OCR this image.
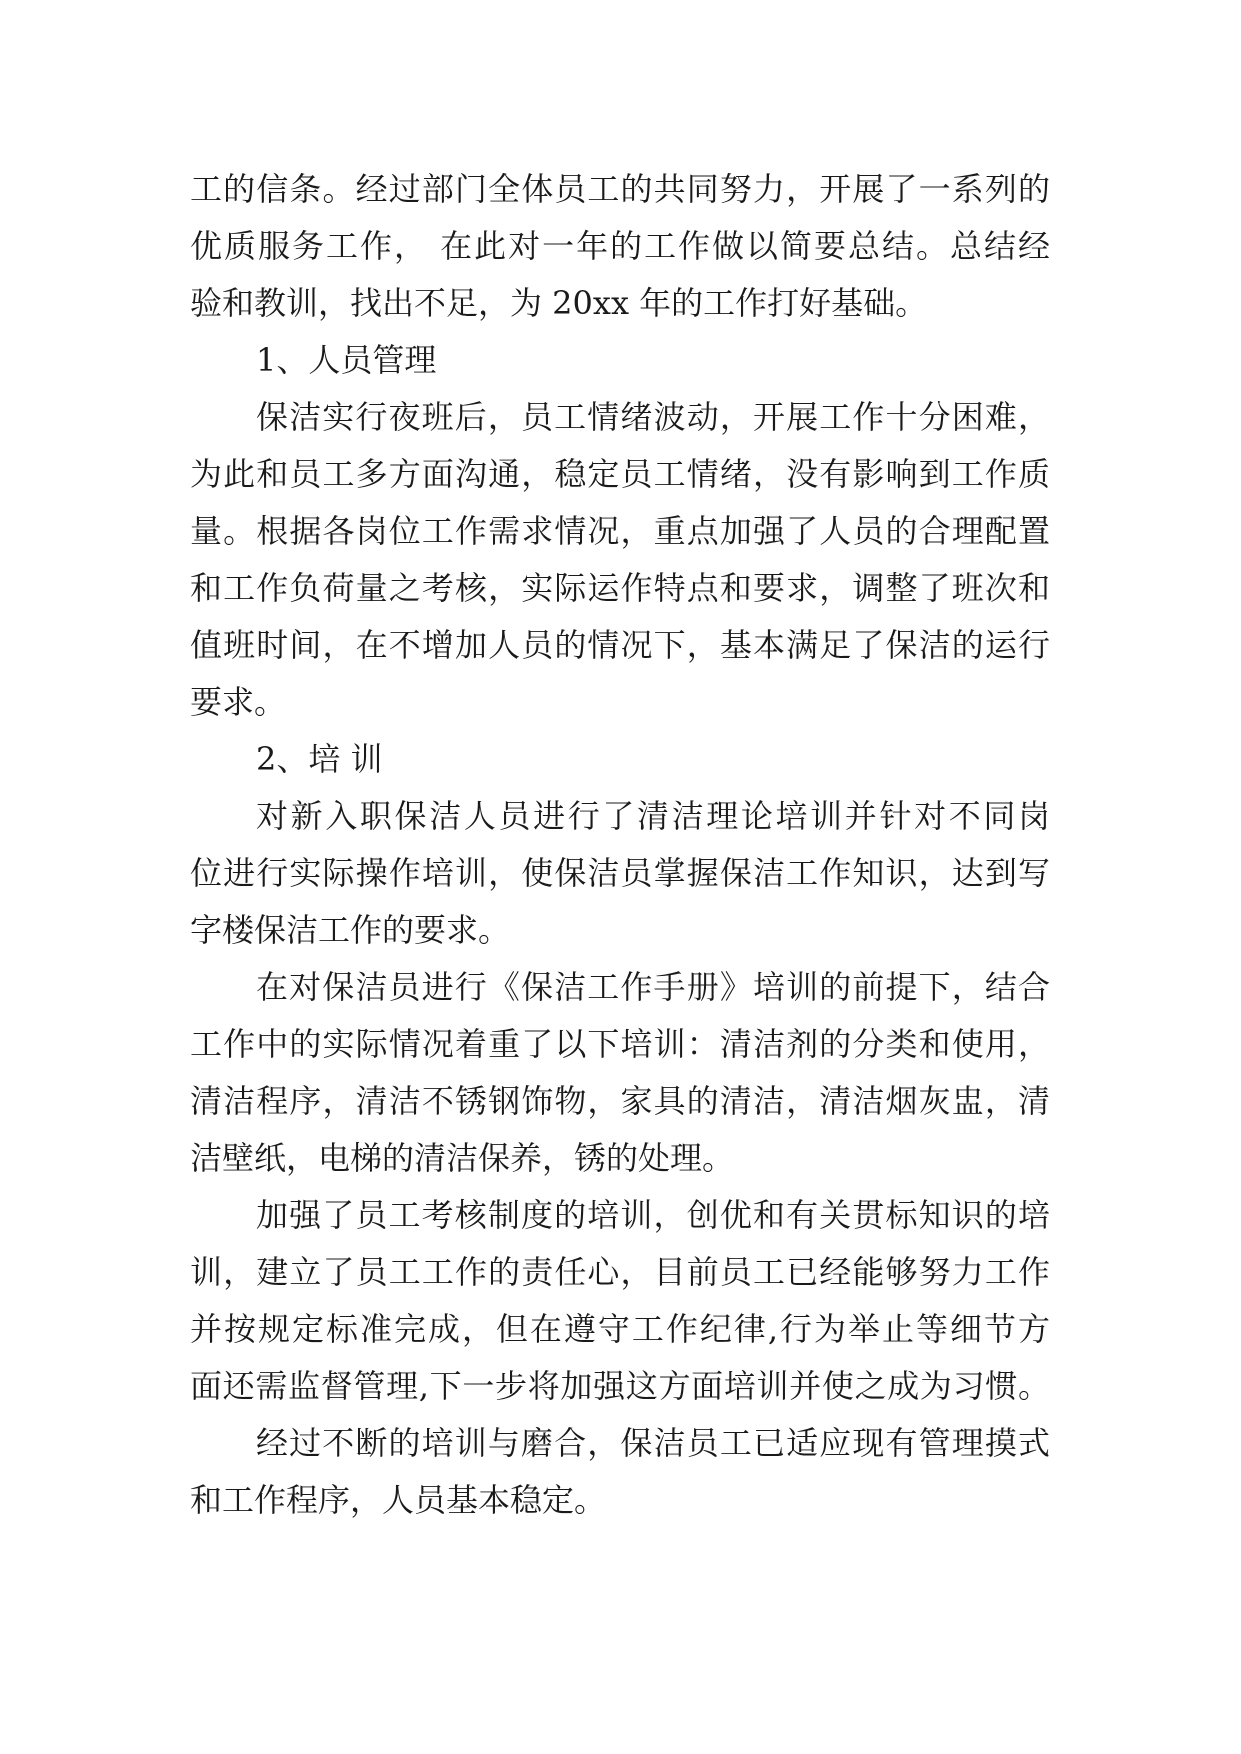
工的信条。经过部门全体员工的共同努力，开展了一系列的
优质服务工作， 在此对一年的工作做以简要总结。总结经
验和教训，找出不足，为 20xx 年的工作打好基础。
1、人员管理
保洁实行夜班后，员工情绪波动，开展工作十分困难，
为此和员工多方面沟通，稳定员工情绪，没有影响到工作质
量。根据各岗位工作需求情况，重点加强了人员的合理配置
和工作负荷量之考核，实际运作特点和要求，调整了班次和
值班时间，在不增加人员的情况下，基本满足了保洁的运行
要求。
2、培 训
对新入职保洁人员进行了清洁理论培训并针对不同岗
位进行实际操作培训，使保洁员掌握保洁工作知识，达到写
字楼保洁工作的要求。
在对保洁员进行《保洁工作手册》培训的前提下，结合
工作中的实际情况着重了以下培训：清洁剂的分类和使用，
清洁程序，清洁不锈钢饰物，家具的清洁，清洁烟灰盅，清
洁壁纸，电梯的清洁保养，锈的处理。
加强了员工考核制度的培训，创优和有关贯标知识的培
训，建立了员工工作的责任心，目前员工已经能够努力工作
并按规定标准完成，但在遵守工作纪律,行为举止等细节方
面还需监督管理,下一步将加强这方面培训并使之成为习惯。
经过不断的培训与磨合，保洁员工已适应现有管理摸式
和工作程序，人员基本稳定。
